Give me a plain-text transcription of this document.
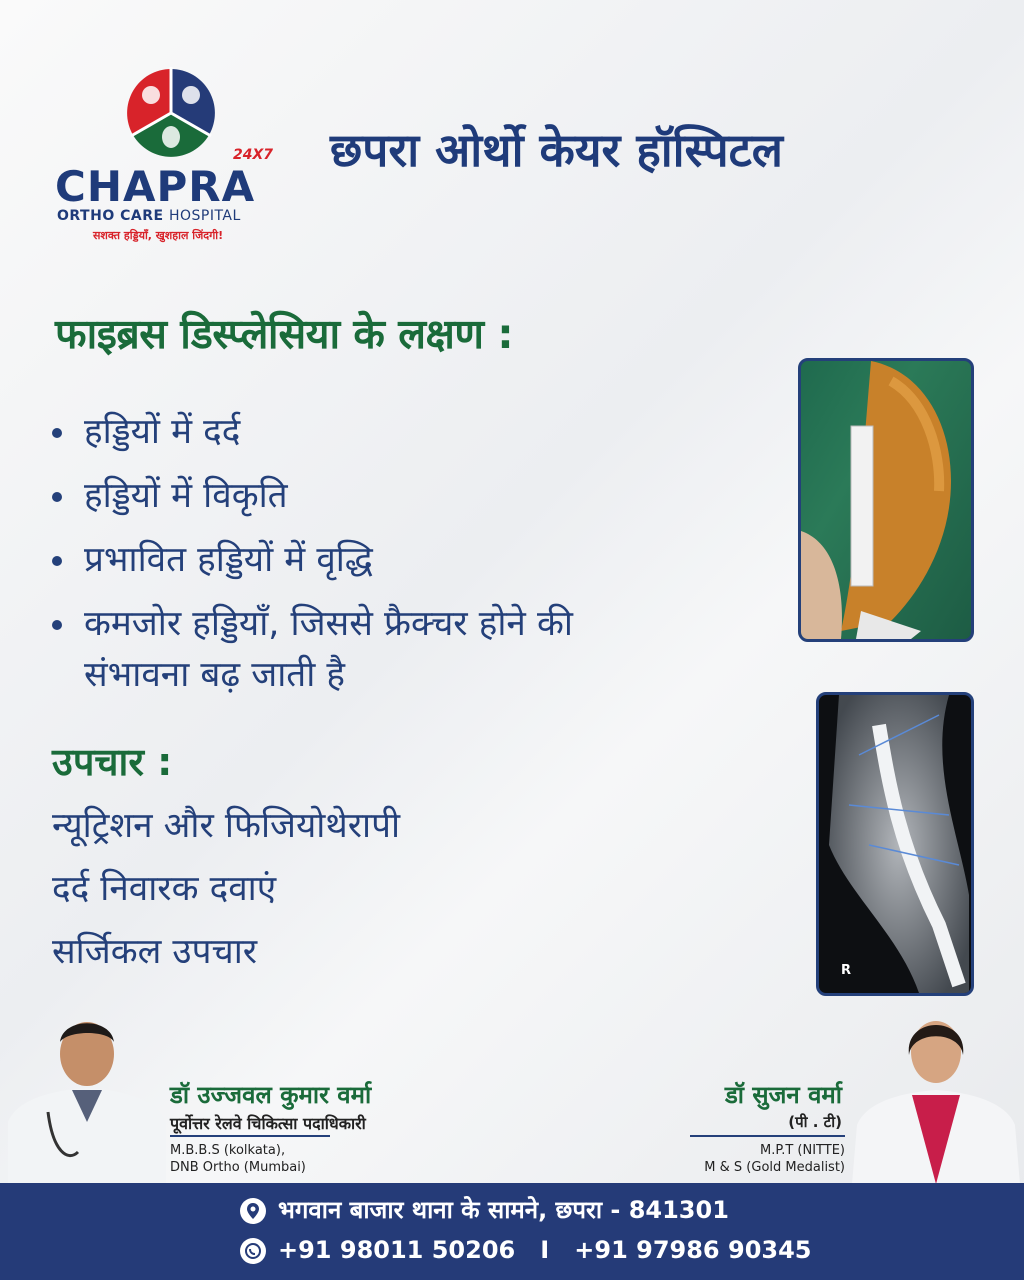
24X7
CHAPRA
ORTHO CARE HOSPITAL
सशक्त हड्डियाँ, खुशहाल जिंदगी!
छपरा ओर्थो केयर हॉस्पिटल
फाइब्रस डिस्प्लेसिया के लक्षण :
हड्डियों में दर्द
हड्डियों में विकृति
प्रभावित हड्डियों में वृद्धि
कमजोर हड्डियाँ, जिससे फ्रैक्चर होने की
संभावना बढ़ जाती है
उपचार :
न्यूट्रिशन और फिजियोथेरापी
दर्द निवारक दवाएं
सर्जिकल उपचार	R
डॉ उज्जवल कुमार वर्मा
पूर्वोत्तर रेलवे चिकित्सा पदाधिकारी
M.B.B.S (kolkata),
DNB Ortho (Mumbai)
डॉ सुजन वर्मा
(पी . टी)
M.P.T (NITTE)
M & S (Gold Medalist)
भगवान बाजार थाना के सामने, छपरा - 841301
+91 98011 50206   I   +91 97986 90345
